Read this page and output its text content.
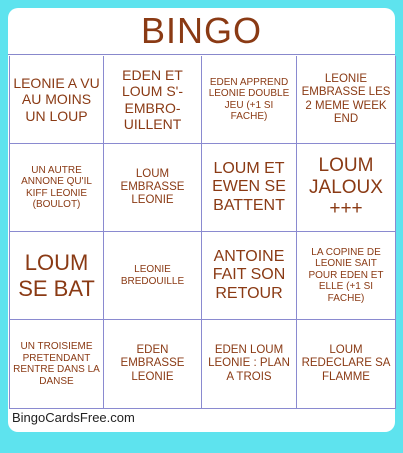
BINGO
LEONIE A VU AU MOINS UN LOUP
EDEN ET LOUM S'-EMBRO-UILLENT
EDEN APPREND LEONIE DOUBLE JEU (+1 SI FACHE)
LEONIE EMBRASSE LES 2 MEME WEEK END
UN AUTRE ANNONE QU'IL KIFF LEONIE (BOULOT)
LOUM EMBRASSE LEONIE
LOUM ET EWEN SE BATTENT
LOUM JALOUX +++
LOUM SE BAT
LEONIE BREDOUILLE
ANTOINE FAIT SON RETOUR
LA COPINE DE LEONIE SAIT POUR EDEN ET ELLE (+1 SI FACHE)
UN TROISIEME PRETENDANT RENTRE DANS LA DANSE
EDEN EMBRASSE LEONIE
EDEN LOUM LEONIE : PLAN A TROIS
LOUM REDECLARE SA FLAMME
BingoCardsFree.com
